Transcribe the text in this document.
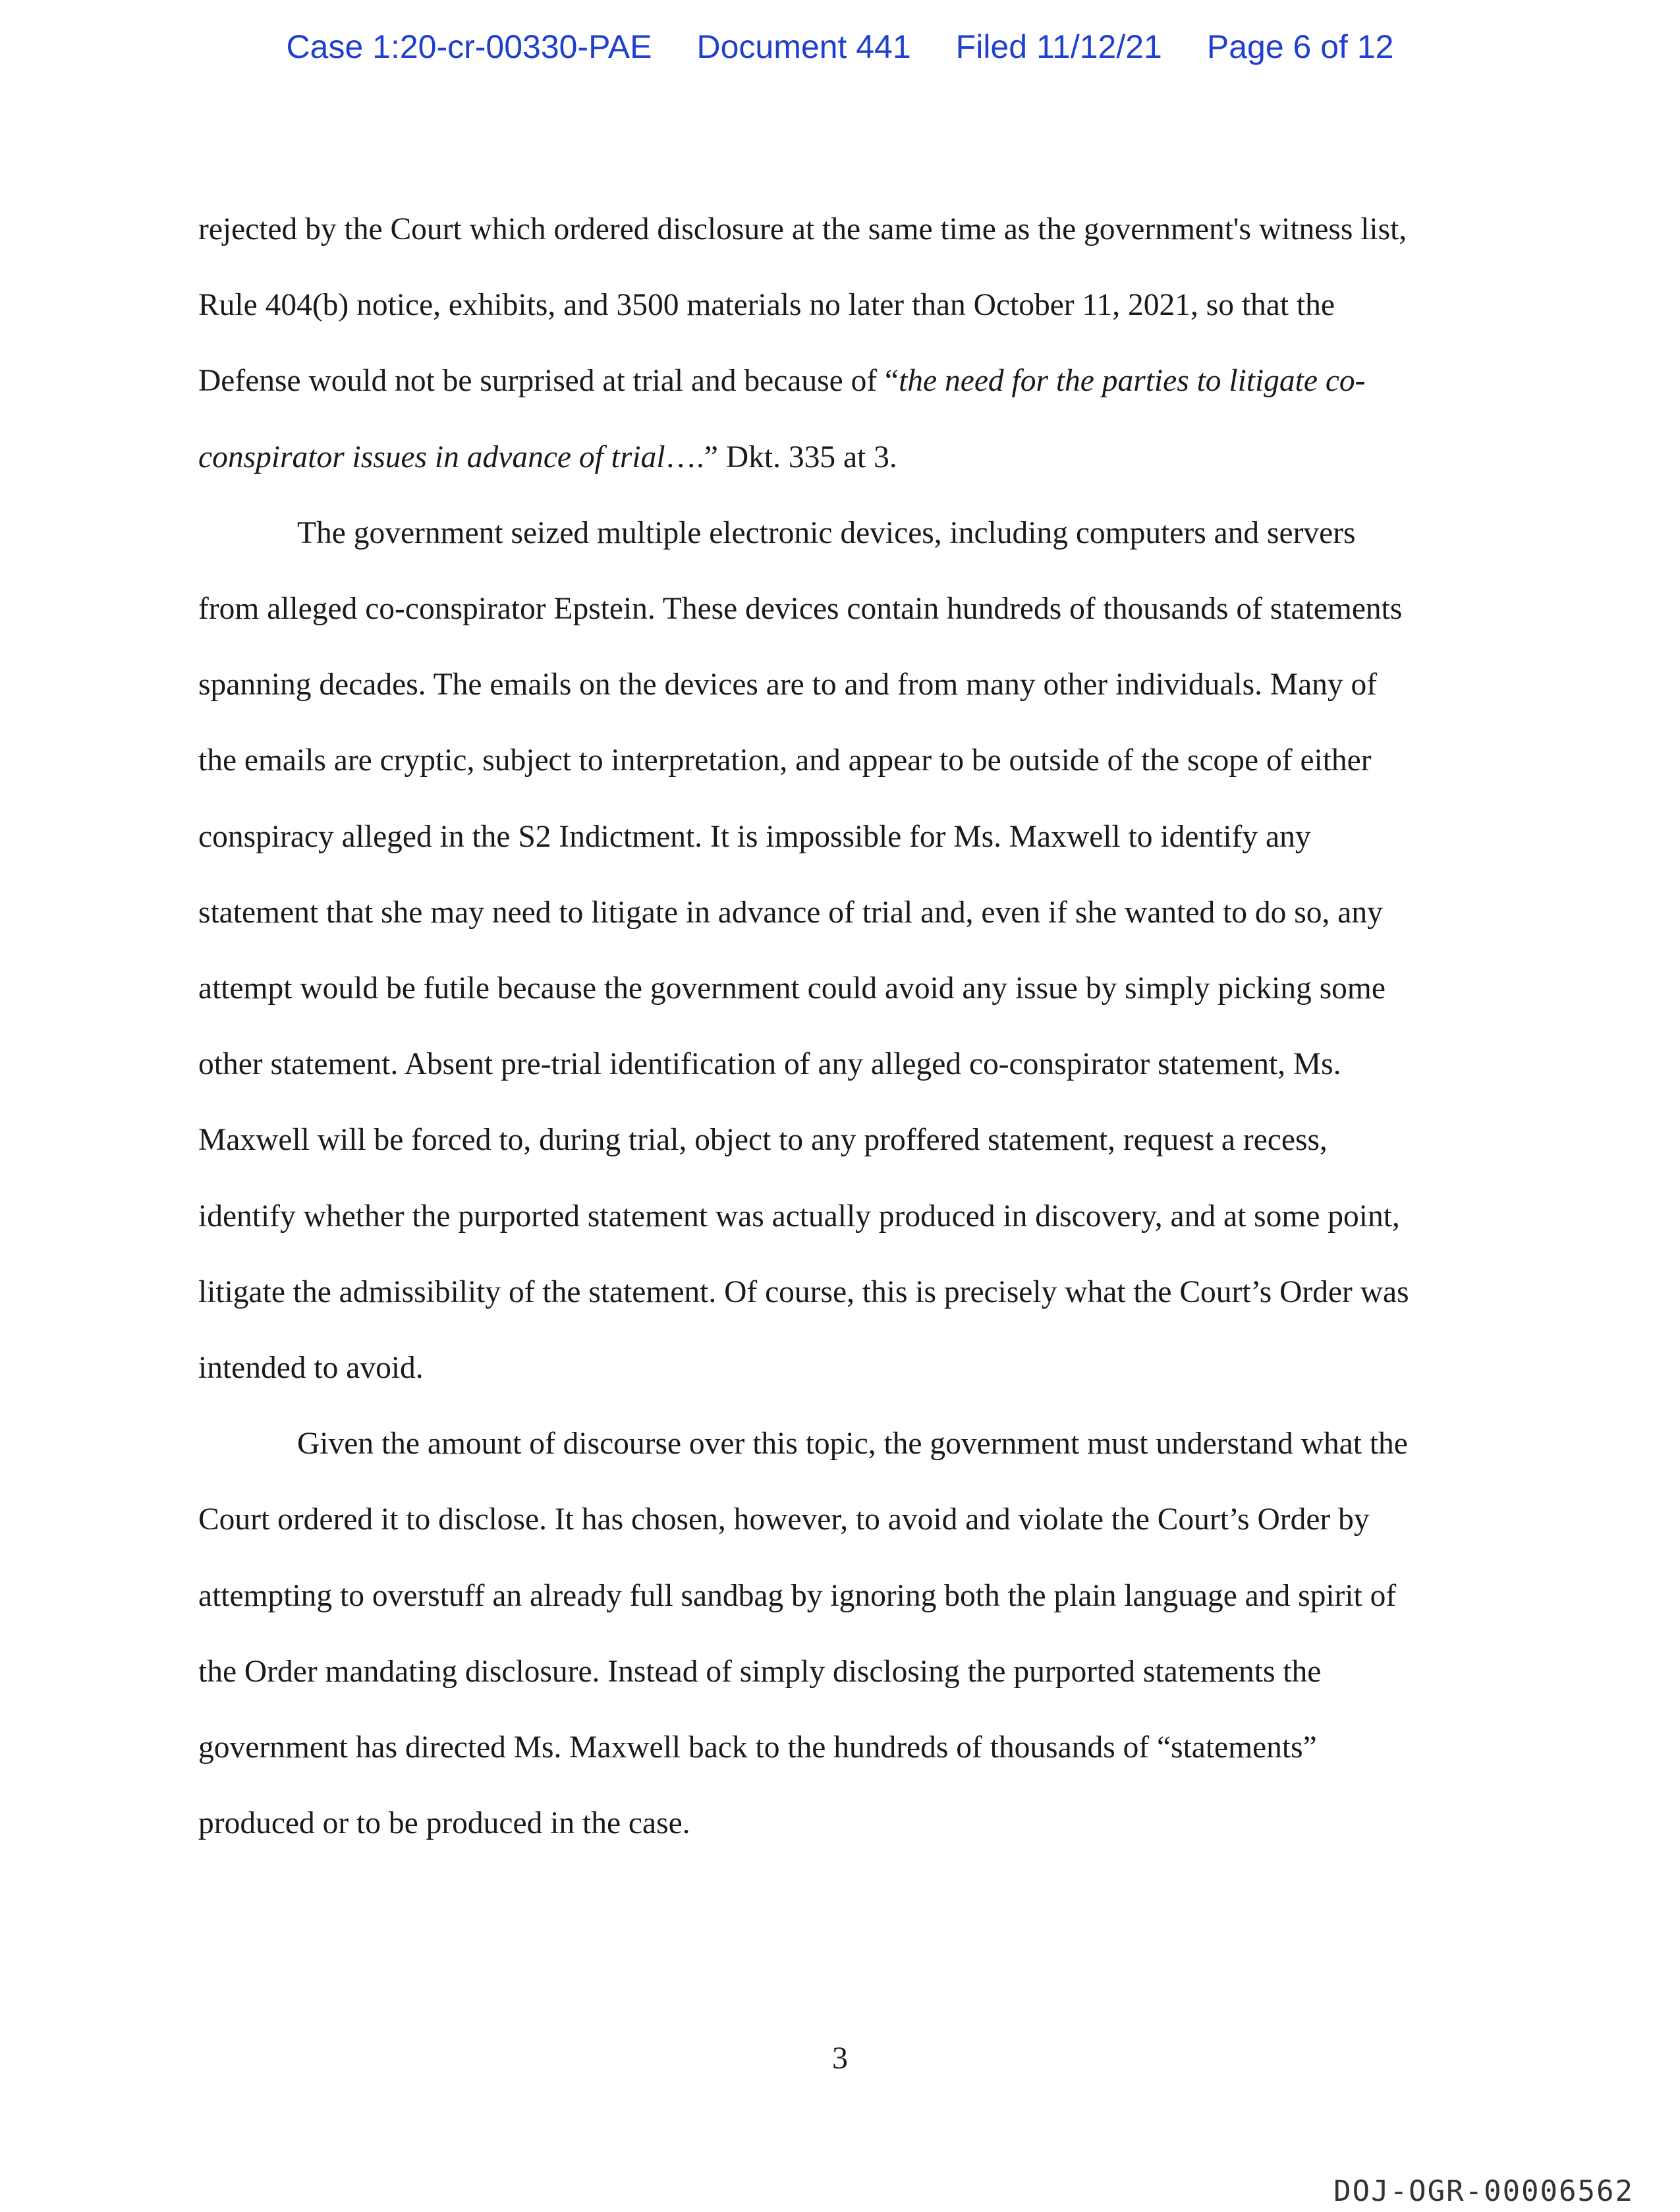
Case 1:20-cr-00330-PAE Document 441 Filed 11/12/21 Page 6 of 12

rejected by the Court which ordered disclosure at the same time as the government's witness list,
Rule 404(b) notice, exhibits, and 3500 materials no later than October 11, 2021, so that the
Defense would not be surprised at trial and because of “the need for the parties to litigate co-
conspirator issues in advance of trial….” Dkt. 335 at 3.

The government seized multiple electronic devices, including computers and servers
from alleged co-conspirator Epstein. These devices contain hundreds of thousands of statements
spanning decades. The emails on the devices are to and from many other individuals. Many of
the emails are cryptic, subject to interpretation, and appear to be outside of the scope of either
conspiracy alleged in the S2 Indictment. It is impossible for Ms. Maxwell to identify any
statement that she may need to litigate in advance of trial and, even if she wanted to do so, any
attempt would be futile because the government could avoid any issue by simply picking some
other statement. Absent pre-trial identification of any alleged co-conspirator statement, Ms.
Maxwell will be forced to, during trial, object to any proffered statement, request a recess,
identify whether the purported statement was actually produced in discovery, and at some point,
litigate the admissibility of the statement. Of course, this is precisely what the Court’s Order was
intended to avoid.

Given the amount of discourse over this topic, the government must understand what the
Court ordered it to disclose. It has chosen, however, to avoid and violate the Court’s Order by
attempting to overstuff an already full sandbag by ignoring both the plain language and spirit of
the Order mandating disclosure. Instead of simply disclosing the purported statements the
government has directed Ms. Maxwell back to the hundreds of thousands of “statements”
produced or to be produced in the case.

3
DOJ-OGR-00006562
